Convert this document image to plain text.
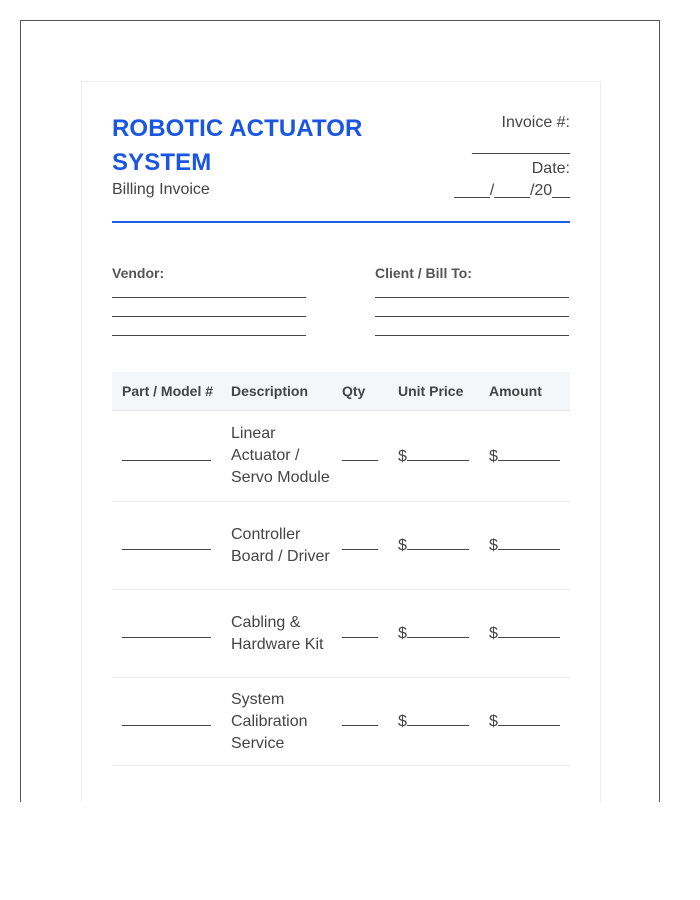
ROBOTIC ACTUATOR SYSTEM
Billing Invoice
Invoice #:
___________
Date:
____/____/20__
Vendor:	Client / Bill To:
Part / Model #	Description	Qty	Unit Price	Amount
	Linear Actuator / Servo Module		$	$
	Controller Board / Driver		$	$
	Cabling & Hardware Kit		$	$
	System Calibration Service		$	$
